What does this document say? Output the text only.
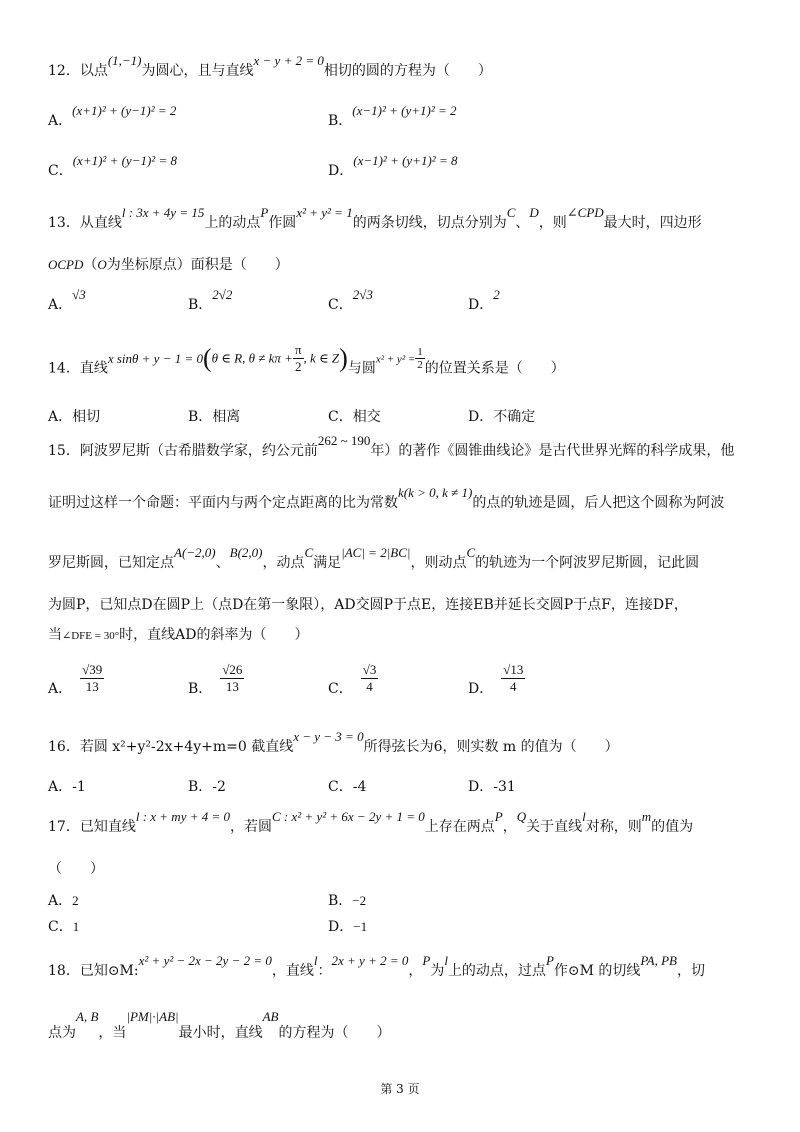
12．以点(1,−1)为圆心，且与直线x − y + 2 = 0相切的圆的方程为（　　）
A．(x+1)² + (y−1)² = 2
B．(x−1)² + (y+1)² = 2
C．(x+1)² + (y−1)² = 8
D．(x−1)² + (y+1)² = 8
13．从直线l : 3x + 4y = 15上的动点P作圆x² + y² = 1的两条切线，切点分别为C、D，则∠CPD最大时，四边形
OCPD（O为坐标原点）面积是（　　）
A．√3
B．2√2
C．2√3
D．2
14．直线x sinθ + y − 1 = 0(θ ∈ R, $\theta \ne k\pi + \frac{\pi}{2}$ , k ∈ Z)与圆$x^2 + y^2 = \frac{1}{2}$ 的位置关系是（　　）
A．相切	B．相离	C．相交	D．不确定
15．阿波罗尼斯（古希腊数学家，约公元前262 ~ 190年）的著作《圆锥曲线论》是古代世界光辉的科学成果，他
证明过这样一个命题：平面内与两个定点距离的比为常数k(k > 0, k ≠ 1)的点的轨迹是圆，后人把这个圆称为阿波
罗尼斯圆，已知定点A(−2,0)、B(2,0)，动点C满足|AC| = 2|BC|，则动点C的轨迹为一个阿波罗尼斯圆，记此圆
为圆P，已知点D在圆P上（点D在第一象限），AD交圆P于点E，连接EB并延长交圆P于点F，连接DF，
当∠DFE = 30°时，直线AD的斜率为（　　）
A． $\frac{√39}{13}$	B． $\frac{√26}{13}$	C． $\frac{√3}{4}$	D． $\frac{√13}{4}$
16．若圆 x²+y²-2x+4y+m=0 截直线x − y − 3 = 0所得弦长为6，则实数 m 的值为（　　）
A．-1	B．-2	C．-4	D．-31
17．已知直线l : x + my + 4 = 0，若圆C : x² + y² + 6x − 2y + 1 = 0上存在两点P，Q关于直线l对称，则m的值为
（　　）
A．2	B．−2
C．1	D．−1
18．已知⊙M:x² + y² − 2x − 2y − 2 = 0，直线l：2x + y + 2 = 0，P为l上的动点，过点P作⊙M 的切线PA, PB，切
点为A, B，当|PM|·|AB|最小时，直线AB的方程为（　　）
第 3 页
